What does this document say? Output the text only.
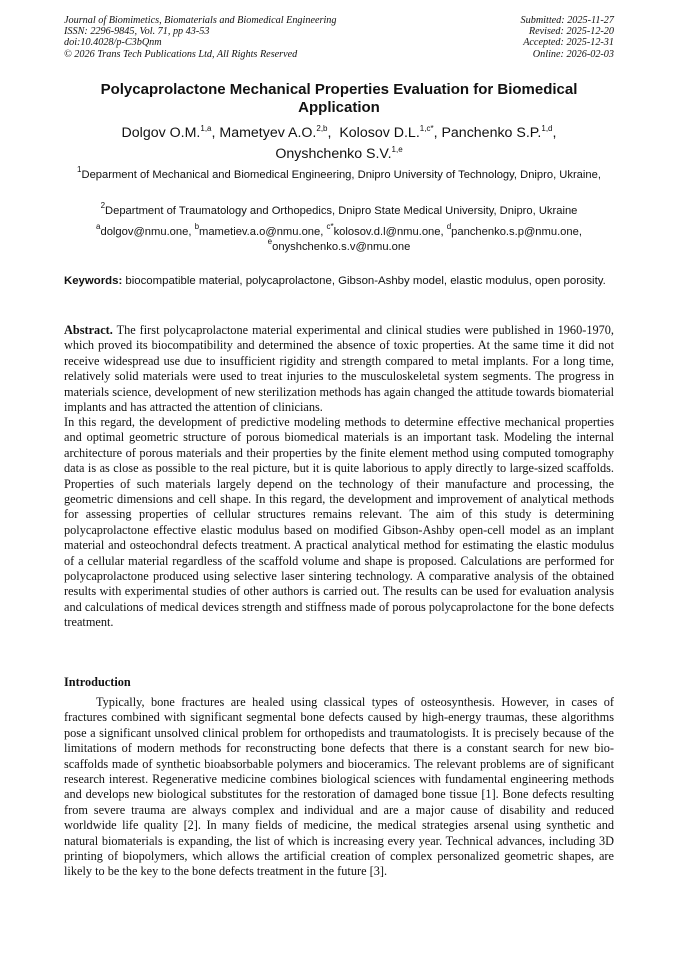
Journal of Biomimetics, Biomaterials and Biomedical Engineering
ISSN: 2296-9845, Vol. 71, pp 43-53
doi:10.4028/p-C3bQnm
© 2026 Trans Tech Publications Ltd, All Rights Reserved
Submitted: 2025-11-27
Revised: 2025-12-20
Accepted: 2025-12-31
Online: 2026-02-03
Polycaprolactone Mechanical Properties Evaluation for Biomedical Application
Dolgov O.M.$^{1,a}$, Mametyev A.O.$^{2,b}$,  Kolosov D.L.$^{1,c*}$, Panchenko S.P.$^{1,d}$,
Onyshchenko S.V.$^{1,e}$
$^1$Deparment of Mechanical and Biomedical Engineering, Dnipro University of Technology, Dnipro, Ukraine,
$^2$Department of Traumatology and Orthopedics, Dnipro State Medical University, Dnipro, Ukraine
$^a$dolgov@nmu.one, $^b$mametiev.a.o@nmu.one, $^{c*}$kolosov.d.l@nmu.one, $^d$panchenko.s.p@nmu.one,
$^e$onyshchenko.s.v@nmu.one
Keywords: biocompatible material, polycaprolactone, Gibson-Ashby model, elastic modulus, open porosity.

Abstract. The first polycaprolactone material experimental and clinical studies were published in 1960-1970, which proved its biocompatibility and determined the absence of toxic properties. At the same time it did not receive widespread use due to insufficient rigidity and strength compared to metal implants. For a long time, relatively solid materials were used to treat injuries to the musculoskeletal system segments. The progress in materials science, development of new sterilization methods has again changed the attitude towards biomaterial implants and has attracted the attention of clinicians.

In this regard, the development of predictive modeling methods to determine effective mechanical properties and optimal geometric structure of porous biomedical materials is an important task. Modeling the internal architecture of porous materials and their properties by the finite element method using computed tomography data is as close as possible to the real picture, but it is quite laborious to apply directly to large-sized scaffolds. Properties of such materials largely depend on the technology of their manufacture and processing, the geometric dimensions and cell shape. In this regard, the development and improvement of analytical methods for assessing properties of cellular structures remains relevant. The aim of this study is determining polycaprolactone effective elastic modulus based on modified Gibson-Ashby open-cell model as an implant material and osteochondral defects treatment. A practical analytical method for estimating the elastic modulus of a cellular material regardless of the scaffold volume and shape is proposed. Calculations are performed for polycaprolactone produced using selective laser sintering technology. A comparative analysis of the obtained results with experimental studies of other authors is carried out. The results can be used for evaluation analysis and calculations of medical devices strength and stiffness made of porous polycaprolactone for the bone defects treatment.

Introduction

Typically, bone fractures are healed using classical types of osteosynthesis. However, in cases of fractures combined with significant segmental bone defects caused by high-energy traumas, these algorithms pose a significant unsolved clinical problem for orthopedists and traumatologists. It is precisely because of the limitations of modern methods for reconstructing bone defects that there is a constant search for new bio-scaffolds made of synthetic bioabsorbable polymers and bioceramics. The relevant problems are of significant research interest. Regenerative medicine combines biological sciences with fundamental engineering methods and develops new biological substitutes for the restoration of damaged bone tissue [1]. Bone defects resulting from severe trauma are always complex and individual and are a major cause of disability and reduced worldwide life quality [2]. In many fields of medicine, the medical strategies arsenal using synthetic and natural biomaterials is expanding, the list of which is increasing every year. Technical advances, including 3D printing of biopolymers, which allows the artificial creation of complex personalized geometric shapes, are likely to be the key to the bone defects treatment in the future [3].
